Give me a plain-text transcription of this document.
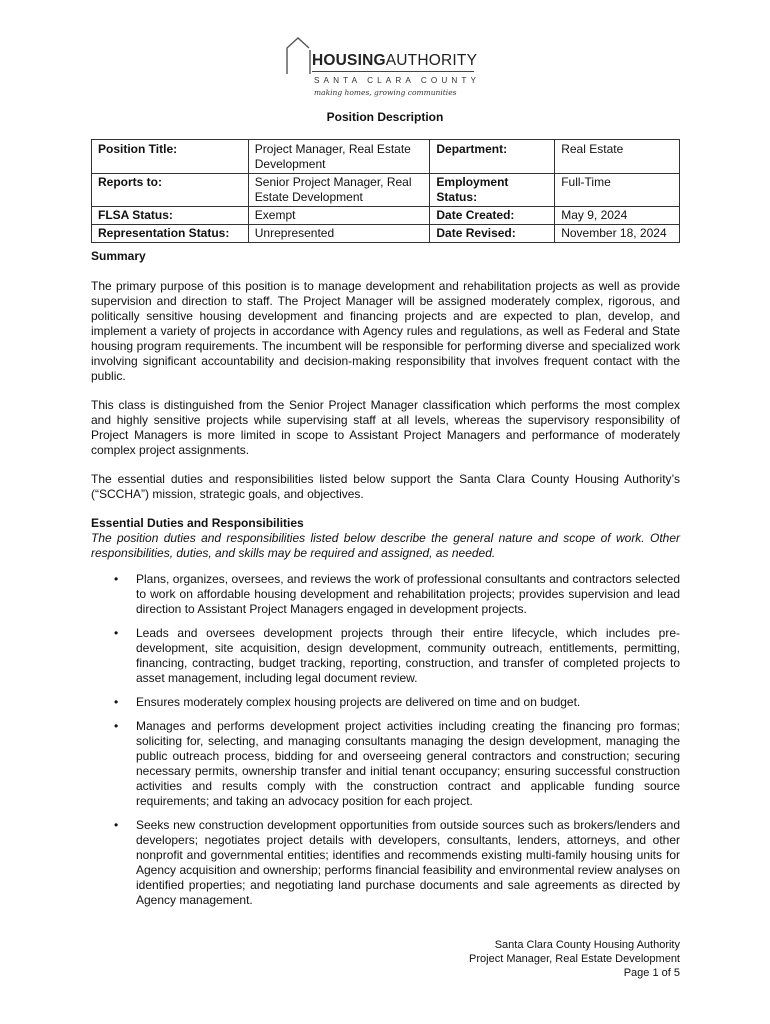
HOUSINGAUTHORITY
SANTA CLARA COUNTY
making homes, growing communities
Position Description
Position Title:	Project Manager, Real Estate Development	Department:	Real Estate
Reports to:	Senior Project Manager, Real Estate Development	Employment Status:	Full-Time
FLSA Status:	Exempt	Date Created:	May 9, 2024
Representation Status:	Unrepresented	Date Revised:	November 18, 2024

Summary

The primary purpose of this position is to manage development and rehabilitation projects as well as provide supervision and direction to staff. The Project Manager will be assigned moderately complex, rigorous, and politically sensitive housing development and financing projects and are expected to plan, develop, and implement a variety of projects in accordance with Agency rules and regulations, as well as Federal and State housing program requirements. The incumbent will be responsible for performing diverse and specialized work involving significant accountability and decision-making responsibility that involves frequent contact with the public.

This class is distinguished from the Senior Project Manager classification which performs the most complex and highly sensitive projects while supervising staff at all levels, whereas the supervisory responsibility of Project Managers is more limited in scope to Assistant Project Managers and performance of moderately complex project assignments.

The essential duties and responsibilities listed below support the Santa Clara County Housing Authority’s (“SCCHA”) mission, strategic goals, and objectives.

Essential Duties and Responsibilities

The position duties and responsibilities listed below describe the general nature and scope of work. Other responsibilities, duties, and skills may be required and assigned, as needed.

• Plans, organizes, oversees, and reviews the work of professional consultants and contractors selected to work on affordable housing development and rehabilitation projects; provides supervision and lead direction to Assistant Project Managers engaged in development projects.
• Leads and oversees development projects through their entire lifecycle, which includes pre-development, site acquisition, design development, community outreach, entitlements, permitting, financing, contracting, budget tracking, reporting, construction, and transfer of completed projects to asset management, including legal document review.
• Ensures moderately complex housing projects are delivered on time and on budget.
• Manages and performs development project activities including creating the financing pro formas; soliciting for, selecting, and managing consultants managing the design development, managing the public outreach process, bidding for and overseeing general contractors and construction; securing necessary permits, ownership transfer and initial tenant occupancy; ensuring successful construction activities and results comply with the construction contract and applicable funding source requirements; and taking an advocacy position for each project.
• Seeks new construction development opportunities from outside sources such as brokers/lenders and developers; negotiates project details with developers, consultants, lenders, attorneys, and other nonprofit and governmental entities; identifies and recommends existing multi-family housing units for Agency acquisition and ownership; performs financial feasibility and environmental review analyses on identified properties; and negotiating land purchase documents and sale agreements as directed by Agency management.
Santa Clara County Housing Authority
Project Manager, Real Estate Development
Page 1 of 5
